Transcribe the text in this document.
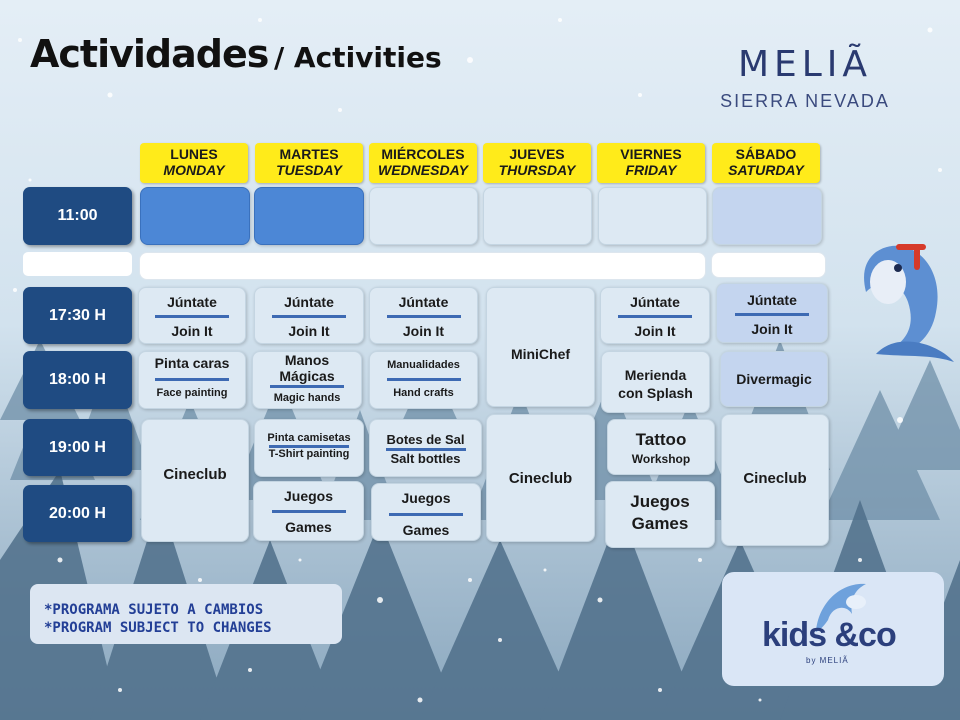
Actividades / Activities	MELIÃ
SIERRA NEVADA
LUNES
MONDAY
MARTES
TUESDAY
MIÉRCOLES
WEDNESDAY
JUEVES
THURSDAY
VIERNES
FRIDAY
SÁBADO
SATURDAY
11:00
17:30 H
18:00 H
19:00 H
20:00 H
Júntate
Join It
Júntate
Join It
Júntate
Join It
Júntate
Join It
Júntate
Join It
MiniChef
Pinta caras
Face painting
Manos Mágicas
Magic hands
Manualidades
Hand crafts
Merienda con Splash
Divermagic
Cineclub
Pinta camisetas
T-Shirt painting
Botes de Sal
Salt bottles
Cineclub
Tattoo
Workshop
Cineclub
Juegos
Games
Juegos
Games
Juegos
Games
*PROGRAMA SUJETO A CAMBIOS
*PROGRAM SUBJECT TO CHANGES	kids &co
by MELIÃ
